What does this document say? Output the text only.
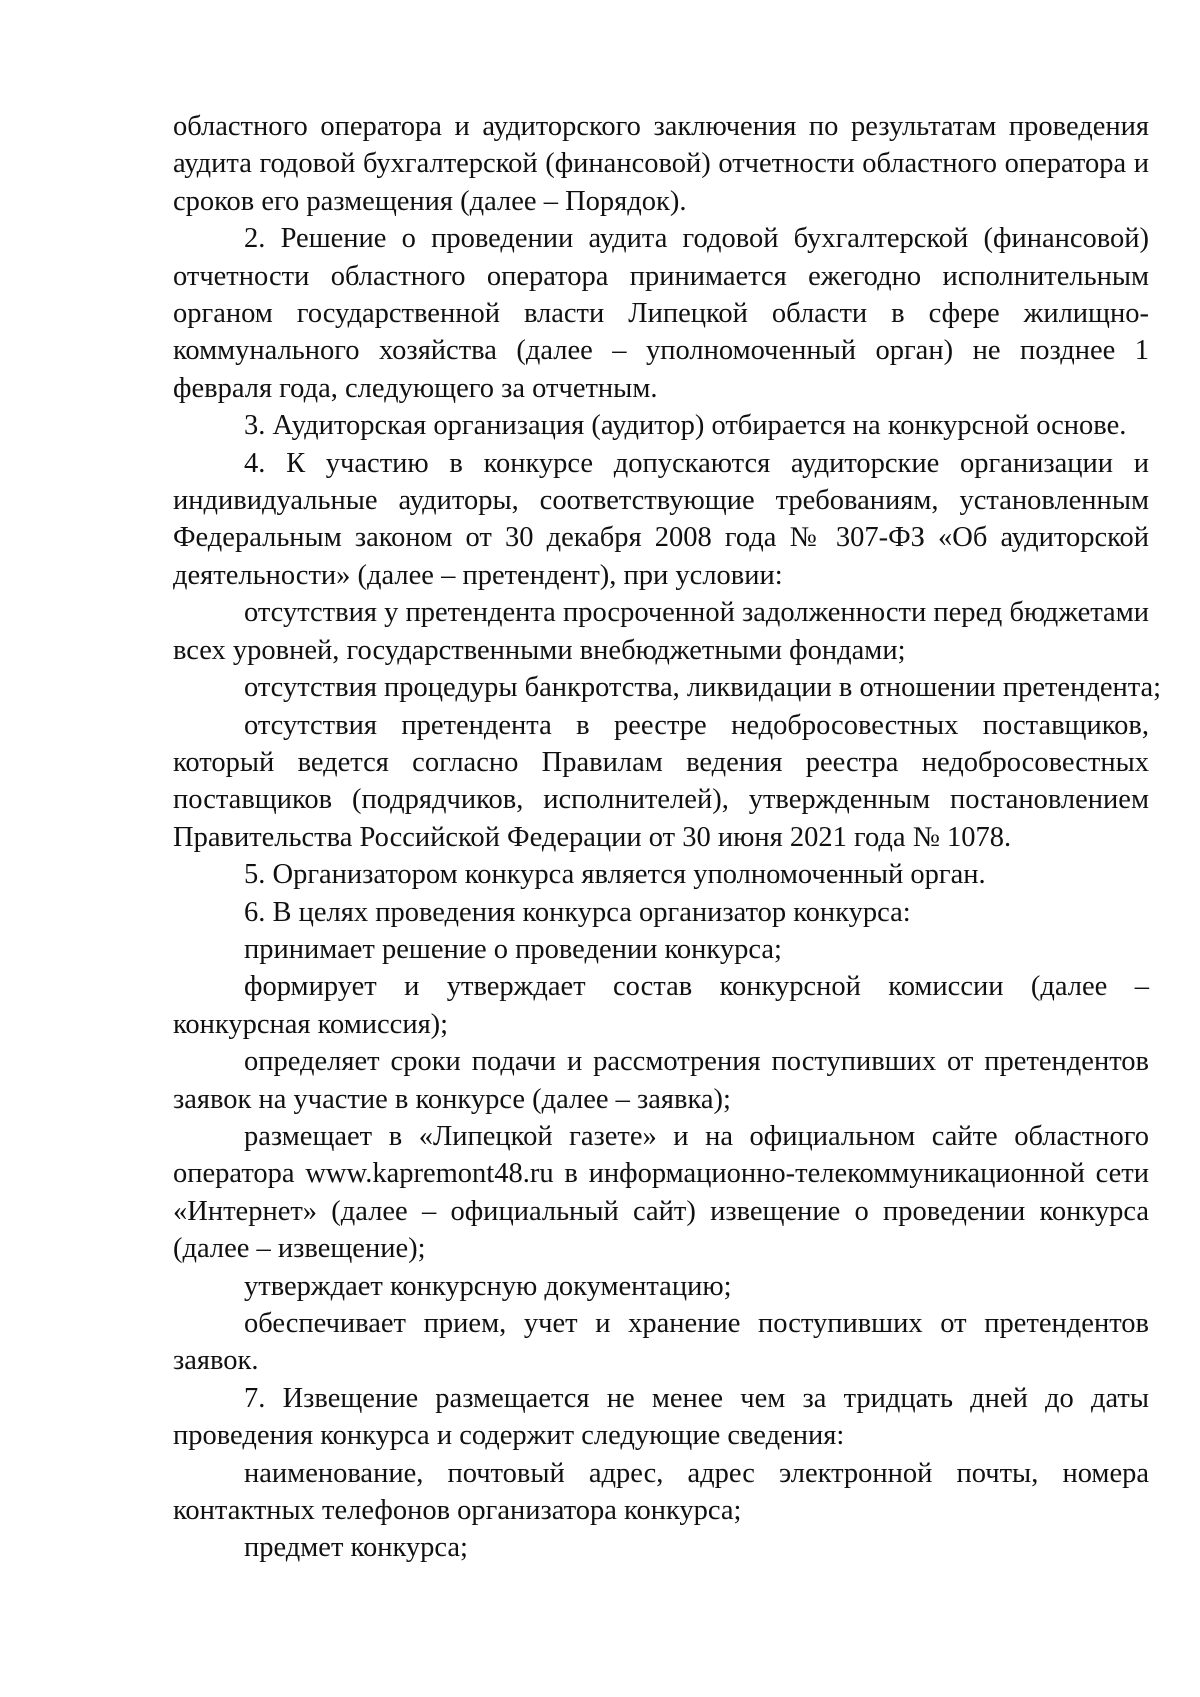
областного оператора и аудиторского заключения по результатам проведения аудита годовой бухгалтерской (финансовой) отчетности областного оператора и сроков его размещения (далее – Порядок).

2. Решение о проведении аудита годовой бухгалтерской (финансовой) отчетности областного оператора принимается ежегодно исполнительным органом государственной власти Липецкой области в сфере жилищно-коммунального хозяйства (далее – уполномоченный орган) не позднее 1 февраля года, следующего за отчетным.

3. Аудиторская организация (аудитор) отбирается на конкурсной основе.

4. К участию в конкурсе допускаются аудиторские организации и индивидуальные аудиторы, соответствующие требованиям, установленным Федеральным законом от 30 декабря 2008 года № 307-ФЗ «Об аудиторской деятельности» (далее – претендент), при условии:

отсутствия у претендента просроченной задолженности перед бюджетами всех уровней, государственными внебюджетными фондами;

отсутствия процедуры банкротства, ликвидации в отношении претендента;

отсутствия претендента в реестре недобросовестных поставщиков, который ведется согласно Правилам ведения реестра недобросовестных поставщиков (подрядчиков, исполнителей), утвержденным постановлением Правительства Российской Федерации от 30 июня 2021 года № 1078.

5. Организатором конкурса является уполномоченный орган.

6. В целях проведения конкурса организатор конкурса:

принимает решение о проведении конкурса;

формирует и утверждает состав конкурсной комиссии (далее – конкурсная комиссия);

определяет сроки подачи и рассмотрения поступивших от претендентов заявок на участие в конкурсе (далее – заявка);

размещает в «Липецкой газете» и на официальном сайте областного оператора www.kapremont48.ru в информационно-телекоммуникационной сети «Интернет» (далее – официальный сайт) извещение о проведении конкурса (далее – извещение);

утверждает конкурсную документацию;

обеспечивает прием, учет и хранение поступивших от претендентов заявок.

7. Извещение размещается не менее чем за тридцать дней до даты проведения конкурса и содержит следующие сведения:

наименование, почтовый адрес, адрес электронной почты, номера контактных телефонов организатора конкурса;

предмет конкурса;
